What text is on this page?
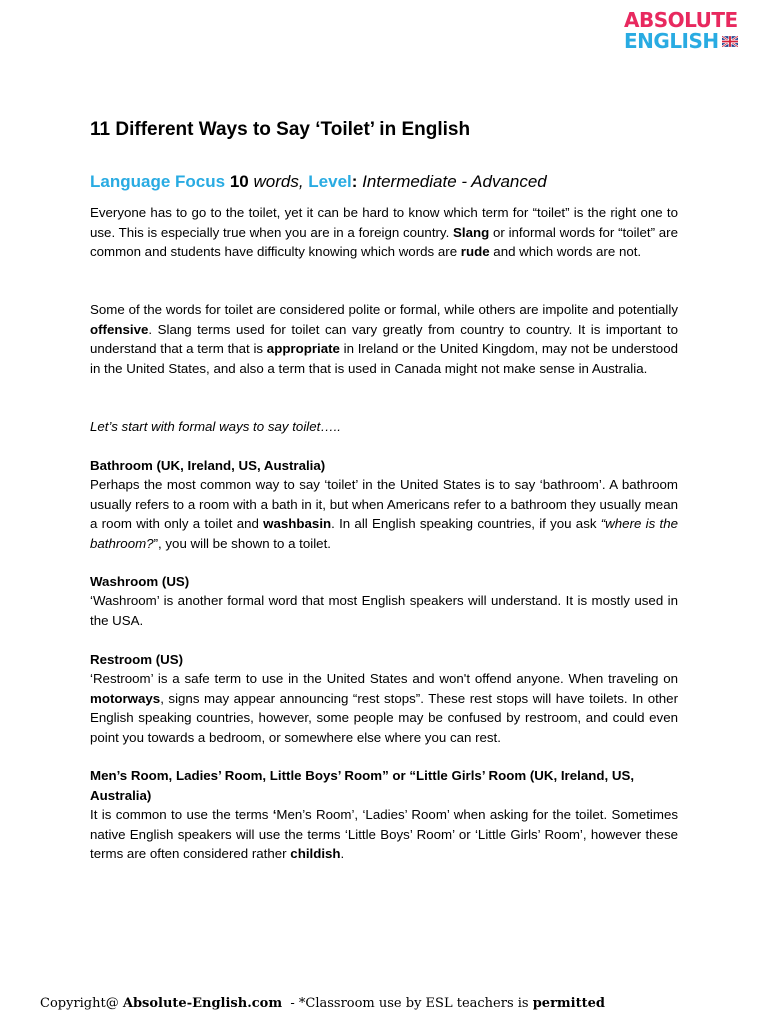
ABSOLUTE
ENGLISH
11 Different Ways to Say ‘Toilet’ in English

Language Focus 10 words, Level: Intermediate - Advanced

Everyone has to go to the toilet, yet it can be hard to know which term for “toilet” is the right one to use. This is especially true when you are in a foreign country. Slang or informal words for “toilet” are common and students have difficulty knowing which words are rude and which words are not.

Some of the words for toilet are considered polite or formal, while others are impolite and potentially offensive. Slang terms used for toilet can vary greatly from country to country. It is important to understand that a term that is appropriate in Ireland or the United Kingdom, may not be understood in the United States, and also a term that is used in Canada might not make sense in Australia.

Let’s start with formal ways to say toilet…..

Bathroom (UK, Ireland, US, Australia)

Perhaps the most common way to say ‘toilet’ in the United States is to say ‘bathroom’. A bathroom usually refers to a room with a bath in it, but when Americans refer to a bathroom they usually mean a room with only a toilet and washbasin. In all English speaking countries, if you ask “where is the bathroom?”, you will be shown to a toilet.

Washroom (US)

‘Washroom’ is another formal word that most English speakers will understand. It is mostly used in the USA.

Restroom (US)

‘Restroom’ is a safe term to use in the United States and won't offend anyone. When traveling on motorways, signs may appear announcing “rest stops”. These rest stops will have toilets. In other English speaking countries, however, some people may be confused by restroom, and could even point you towards a bedroom, or somewhere else where you can rest.

Men’s Room, Ladies’ Room, Little Boys’ Room” or “Little Girls’ Room (UK, Ireland, US, Australia)

It is common to use the terms ‘Men’s Room’, ‘Ladies’ Room’ when asking for the toilet. Sometimes native English speakers will use the terms ‘Little Boys’ Room’ or ‘Little Girls’ Room’, however these terms are often considered rather childish.

Copyright@ Absolute-English.com  - *Classroom use by ESL teachers is permitted
